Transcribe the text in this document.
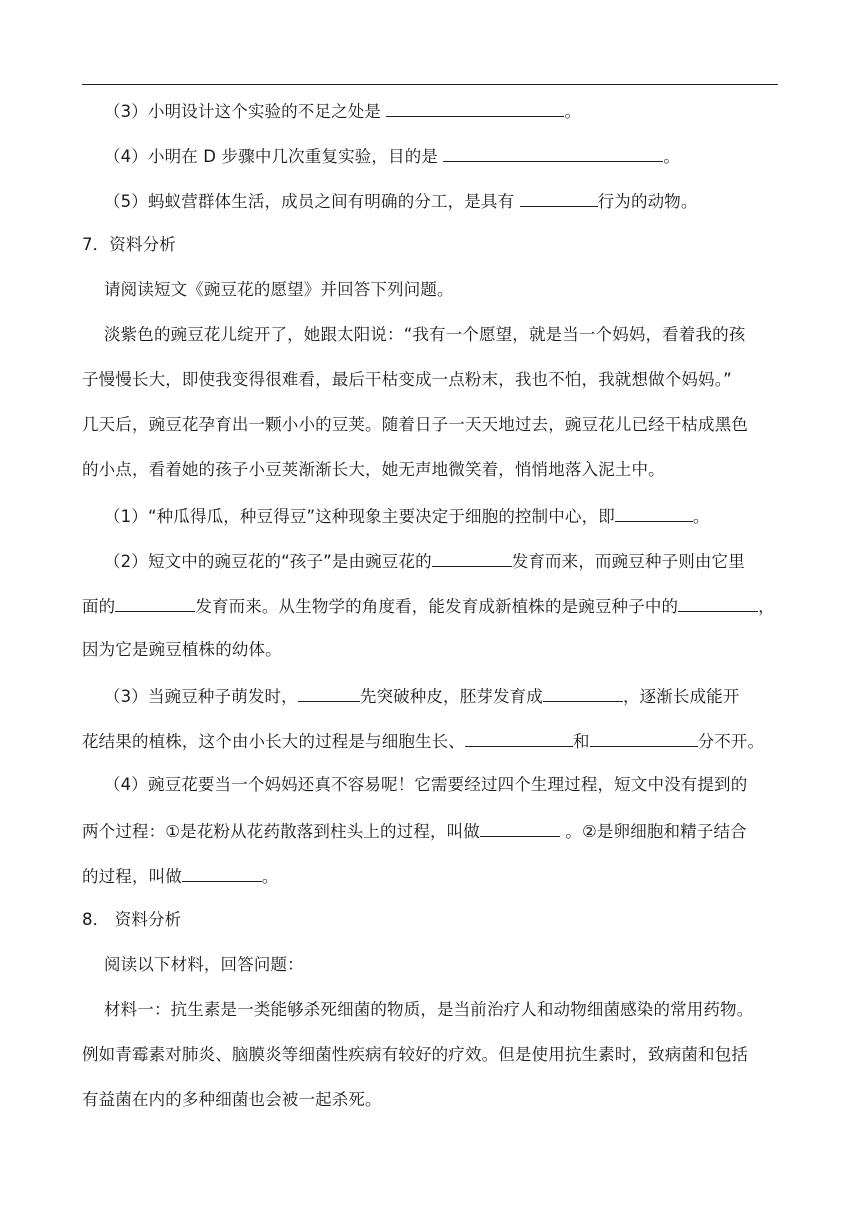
（3）小明设计这个实验的不足之处是	。
（4）小明在 D 步骤中几次重复实验，目的是	。
（5）蚂蚁营群体生活，成员之间有明确的分工，是具有	行为的动物。
7．资料分析
请阅读短文《豌豆花的愿望》并回答下列问题。
淡紫色的豌豆花儿绽开了，她跟太阳说：“我有一个愿望，就是当一个妈妈，看着我的孩
子慢慢长大，即使我变得很难看，最后干枯变成一点粉末，我也不怕，我就想做个妈妈。”
几天后，豌豆花孕育出一颗小小的豆荚。随着日子一天天地过去，豌豆花儿已经干枯成黑色
的小点，看着她的孩子小豆荚渐渐长大，她无声地微笑着，悄悄地落入泥土中。
（1）“种瓜得瓜，种豆得豆”这种现象主要决定于细胞的控制中心，即	。
（2）短文中的豌豆花的“孩子”是由豌豆花的	发育而来，而豌豆种子则由它里
面的	发育而来。从生物学的角度看，能发育成新植株的是豌豆种子中的	，
因为它是豌豆植株的幼体。
（3）当豌豆种子萌发时，	先突破种皮，胚芽发育成	，逐渐长成能开
花结果的植株，这个由小长大的过程是与细胞生长、	和	分不开。
（4）豌豆花要当一个妈妈还真不容易呢！它需要经过四个生理过程，短文中没有提到的
两个过程：①是花粉从花药散落到柱头上的过程，叫做	。②是卵细胞和精子结合
的过程，叫做	。
8． 资料分析
阅读以下材料，回答问题：
材料一：抗生素是一类能够杀死细菌的物质，是当前治疗人和动物细菌感染的常用药物。
例如青霉素对肺炎、脑膜炎等细菌性疾病有较好的疗效。但是使用抗生素时，致病菌和包括
有益菌在内的多种细菌也会被一起杀死。
